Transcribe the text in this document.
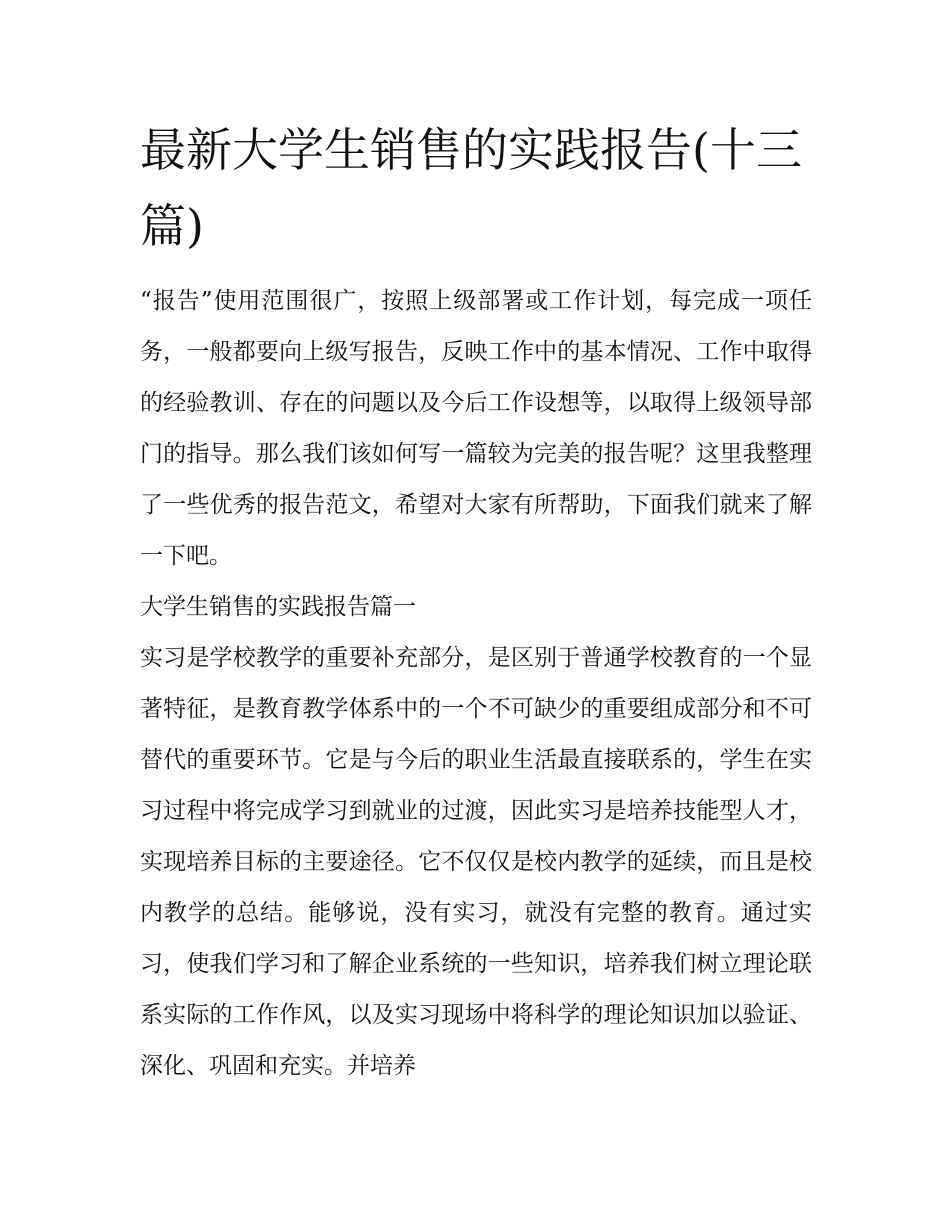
最新大学生销售的实践报告(十三篇)

“报告”使用范围很广，按照上级部署或工作计划，每完成一项任务，一般都要向上级写报告，反映工作中的基本情况、工作中取得的经验教训、存在的问题以及今后工作设想等，以取得上级领导部门的指导。那么我们该如何写一篇较为完美的报告呢？这里我整理了一些优秀的报告范文，希望对大家有所帮助，下面我们就来了解一下吧。

大学生销售的实践报告篇一

实习是学校教学的重要补充部分，是区别于普通学校教育的一个显著特征，是教育教学体系中的一个不可缺少的重要组成部分和不可替代的重要环节。它是与今后的职业生活最直接联系的，学生在实习过程中将完成学习到就业的过渡，因此实习是培养技能型人才，实现培养目标的主要途径。它不仅仅是校内教学的延续，而且是校内教学的总结。能够说，没有实习，就没有完整的教育。通过实习，使我们学习和了解企业系统的一些知识，培养我们树立理论联系实际的工作作风，以及实习现场中将科学的理论知识加以验证、深化、巩固和充实。并培养
